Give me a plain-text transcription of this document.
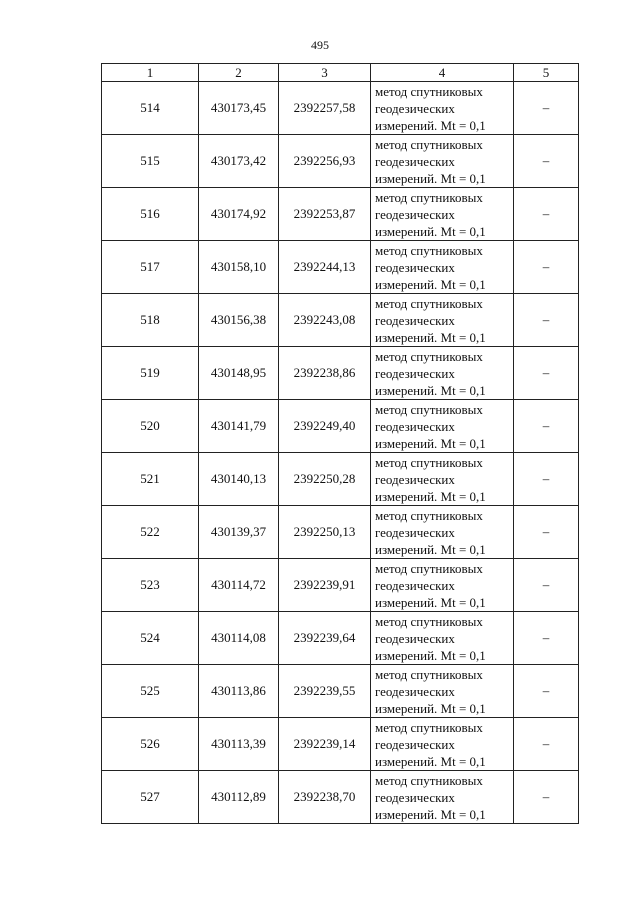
495
1	2	3	4	5
514	430173,45	2392257,58	метод спутниковых
геодезических
измерений. Mt = 0,1	–
515	430173,42	2392256,93	метод спутниковых
геодезических
измерений. Mt = 0,1	–
516	430174,92	2392253,87	метод спутниковых
геодезических
измерений. Mt = 0,1	–
517	430158,10	2392244,13	метод спутниковых
геодезических
измерений. Mt = 0,1	–
518	430156,38	2392243,08	метод спутниковых
геодезических
измерений. Mt = 0,1	–
519	430148,95	2392238,86	метод спутниковых
геодезических
измерений. Mt = 0,1	–
520	430141,79	2392249,40	метод спутниковых
геодезических
измерений. Mt = 0,1	–
521	430140,13	2392250,28	метод спутниковых
геодезических
измерений. Mt = 0,1	–
522	430139,37	2392250,13	метод спутниковых
геодезических
измерений. Mt = 0,1	–
523	430114,72	2392239,91	метод спутниковых
геодезических
измерений. Mt = 0,1	–
524	430114,08	2392239,64	метод спутниковых
геодезических
измерений. Mt = 0,1	–
525	430113,86	2392239,55	метод спутниковых
геодезических
измерений. Mt = 0,1	–
526	430113,39	2392239,14	метод спутниковых
геодезических
измерений. Mt = 0,1	–
527	430112,89	2392238,70	метод спутниковых
геодезических
измерений. Mt = 0,1	–
